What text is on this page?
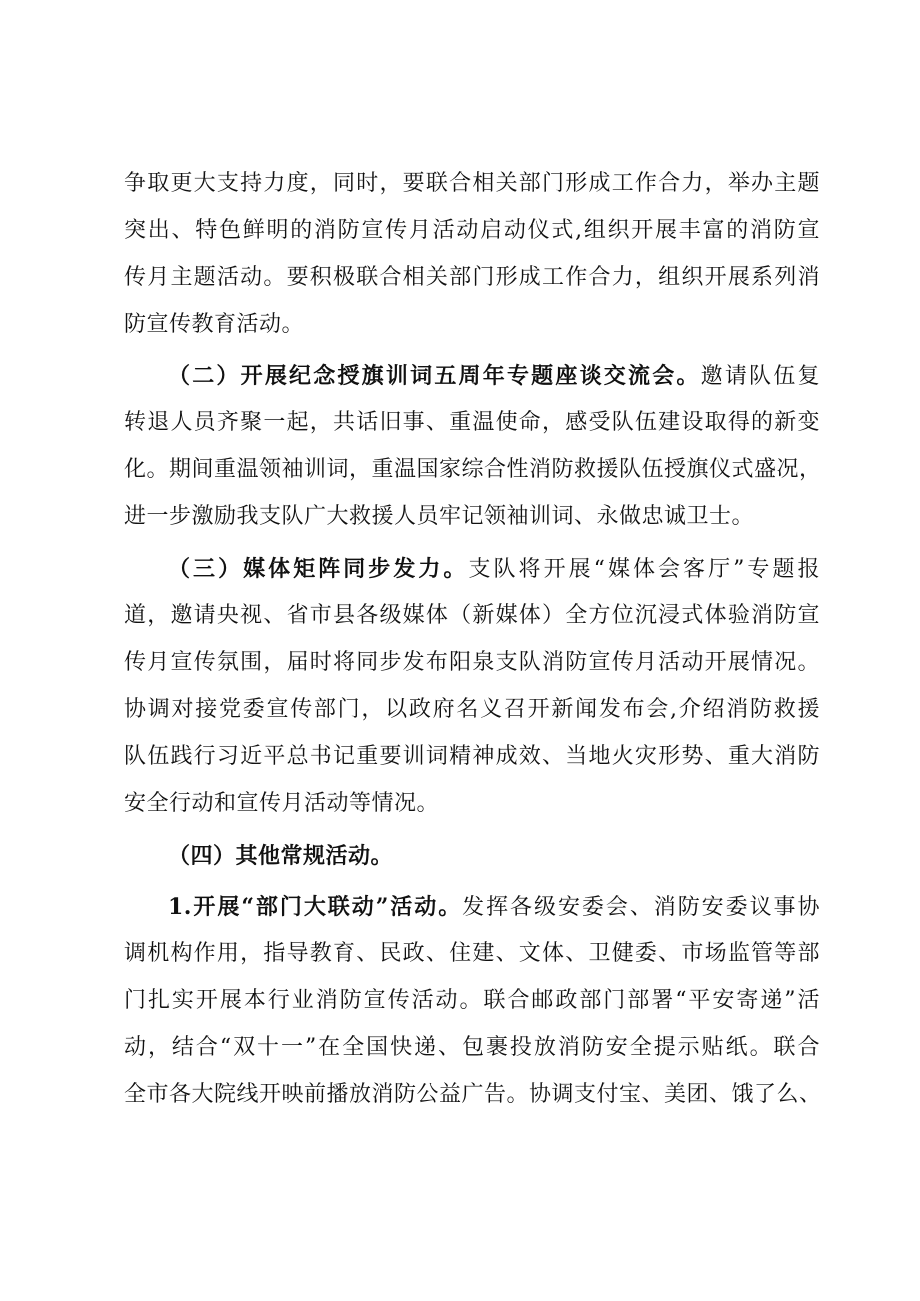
争取更大支持力度，同时，要联合相关部门形成工作合力，举办主题
突出、特色鲜明的消防宣传月活动启动仪式,组织开展丰富的消防宣
传月主题活动。要积极联合相关部门形成工作合力，组织开展系列消
防宣传教育活动。
（二）开展纪念授旗训词五周年专题座谈交流会。邀请队伍复
转退人员齐聚一起，共话旧事、重温使命，感受队伍建设取得的新变
化。期间重温领袖训词，重温国家综合性消防救援队伍授旗仪式盛况，
进一步激励我支队广大救援人员牢记领袖训词、永做忠诚卫士。
（三）媒体矩阵同步发力。支队将开展“媒体会客厅”专题报
道，邀请央视、省市县各级媒体（新媒体）全方位沉浸式体验消防宣
传月宣传氛围，届时将同步发布阳泉支队消防宣传月活动开展情况。
协调对接党委宣传部门，以政府名义召开新闻发布会,介绍消防救援
队伍践行习近平总书记重要训词精神成效、当地火灾形势、重大消防
安全行动和宣传月活动等情况。
（四）其他常规活动。
1.开展“部门大联动”活动。发挥各级安委会、消防安委议事协
调机构作用，指导教育、民政、住建、文体、卫健委、市场监管等部
门扎实开展本行业消防宣传活动。联合邮政部门部署“平安寄递”活
动，结合“双十一”在全国快递、包裹投放消防安全提示贴纸。联合
全市各大院线开映前播放消防公益广告。协调支付宝、美团、饿了么、
